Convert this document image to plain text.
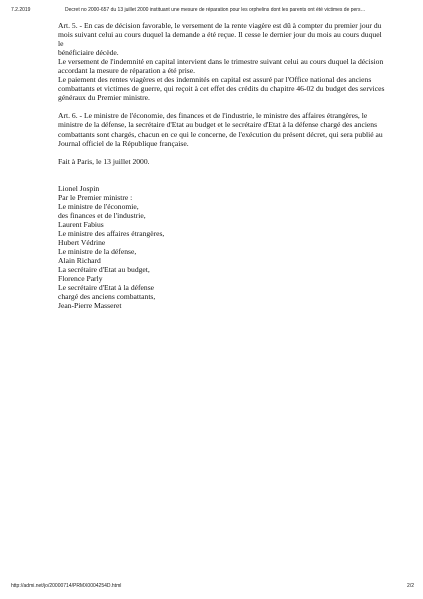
7.2.2019	Decret no 2000-657 du 13 juillet 2000 instituant une mesure de réparation pour les orphelins dont les parents ont été victimes de pers…

Art. 5. - En cas de décision favorable, le versement de la rente viagère est dû à compter du premier jour du

mois suivant celui au cours duquel la demande a été reçue. Il cesse le dernier jour du mois au cours duquel le

bénéficiaire décède.

Le versement de l'indemnité en capital intervient dans le trimestre suivant celui au cours duquel la décision

accordant la mesure de réparation a été prise.

Le paiement des rentes viagères et des indemnités en capital est assuré par l'Office national des anciens

combattants et victimes de guerre, qui reçoit à cet effet des crédits du chapitre 46-02 du budget des services

généraux du Premier ministre.

Art. 6. - Le ministre de l'économie, des finances et de l'industrie, le ministre des affaires étrangères, le

ministre de la défense, la secrétaire d'Etat au budget et le secrétaire d'Etat à la défense chargé des anciens

combattants sont chargés, chacun en ce qui le concerne, de l'exécution du présent décret, qui sera publié au

Journal officiel de la République française.

Fait à Paris, le 13 juillet 2000.

Lionel Jospin

Par le Premier ministre :

Le ministre de l'économie,

des finances et de l'industrie,

Laurent Fabius

Le ministre des affaires étrangères,

Hubert Védrine

Le ministre de la défense,

Alain Richard

La secrétaire d'Etat au budget,

Florence Parly

Le secrétaire d'Etat à la défense

chargé des anciens combattants,

Jean-Pierre Masseret

http://admi.net/jo/20000714/PRMX0004254D.html	2/2
